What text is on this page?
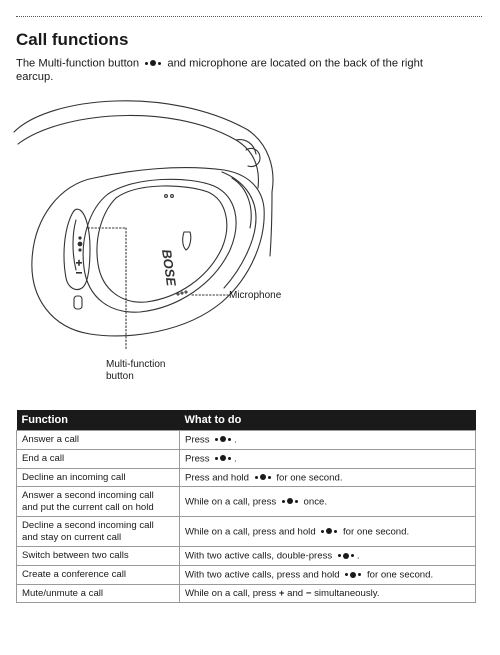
Call functions
The Multi-function button	and microphone are located on the back of the right earcup.
BOSE
Microphone
Multi-function
button
Function	What to do
Answer a call	Press .
End a call	Press .
Decline an incoming call	Press and hold for one second.

Answer a second incoming call
and put the current call on hold	While on a call, press once.

Decline a second incoming call
and stay on current call	While on a call, press and hold for one second.
Switch between two calls	With two active calls, double-press .
Create a conference call	With two active calls, press and hold for one second.
Mute/unmute a call	While on a call, press + and − simultaneously.
